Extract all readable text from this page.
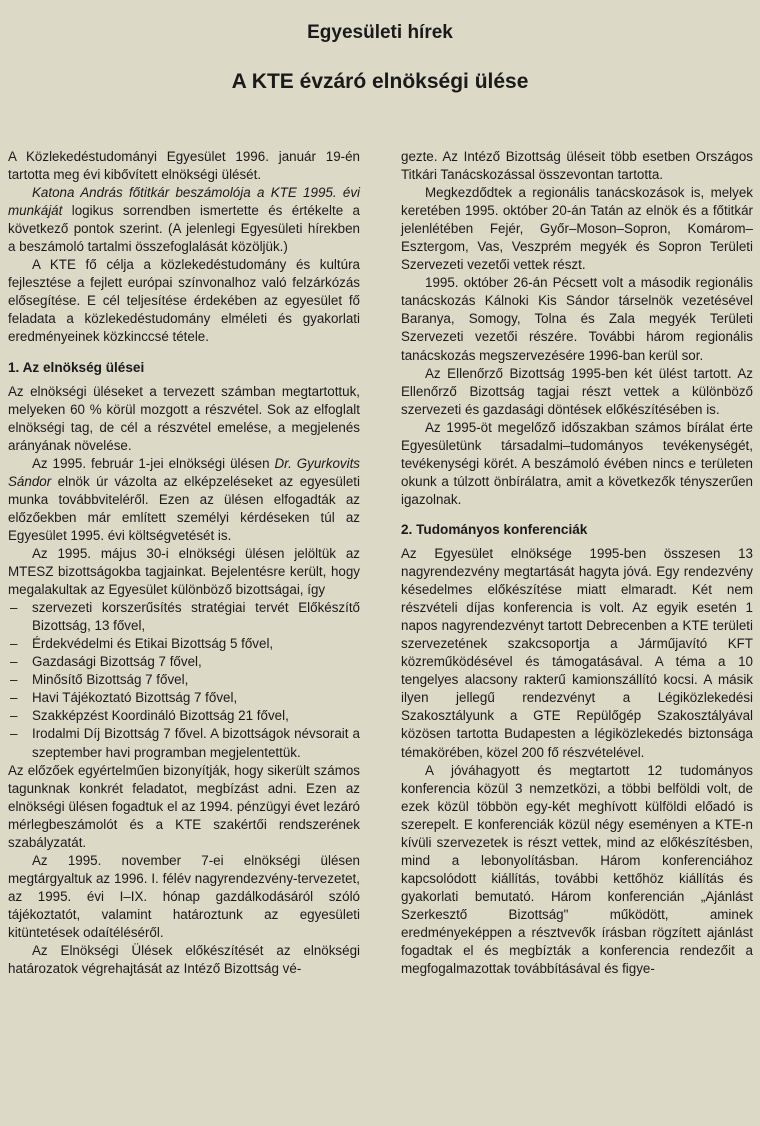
Egyesületi hírek
A KTE évzáró elnökségi ülése

A Közlekedéstudományi Egyesület 1996. január 19-én tartotta meg évi kibővített elnökségi ülését.

Katona András főtitkár beszámolója a KTE 1995. évi munkáját logikus sorrendben ismertette és értékelte a következő pontok szerint. (A jelenlegi Egyesületi hírekben a beszámoló tartalmi összefoglalását közöljük.)

A KTE fő célja a közlekedéstudomány és kultúra fejlesztése a fejlett európai színvonalhoz való felzárkózás elősegítése. E cél teljesítése érdekében az egyesület fő feladata a közlekedéstudomány elméleti és gyakorlati eredményeinek közkinccsé tétele.

1. Az elnökség ülései

Az elnökségi üléseket a tervezett számban megtartottuk, melyeken 60 % körül mozgott a részvétel. Sok az elfoglalt elnökségi tag, de cél a részvétel emelése, a megjelenés arányának növelése.

Az 1995. február 1-jei elnökségi ülésen Dr. Gyurkovits Sándor elnök úr vázolta az elképzeléseket az egyesületi munka továbbviteléről. Ezen az ülésen elfogadták az előzőekben már említett személyi kérdéseken túl az Egyesület 1995. évi költségvetését is.

Az 1995. május 30-i elnökségi ülésen jelöltük az MTESZ bizottságokba tagjainkat. Bejelentésre került, hogy megalakultak az Egyesület különböző bizottságai, így

– szervezeti korszerűsítés stratégiai tervét Előkészítő Bizottság, 13 fővel,
– Érdekvédelmi és Etikai Bizottság 5 fővel,
– Gazdasági Bizottság 7 fővel,
– Minősítő Bizottság 7 fővel,
– Havi Tájékoztató Bizottság 7 fővel,
– Szakképzést Koordináló Bizottság 21 fővel,
– Irodalmi Díj Bizottság 7 fővel. A bizottságok névsorait a szeptember havi programban megjelentettük.

Az előzőek egyértelműen bizonyítják, hogy sikerült számos tagunknak konkrét feladatot, megbízást adni. Ezen az elnökségi ülésen fogadtuk el az 1994. pénzügyi évet lezáró mérlegbeszámolót és a KTE szakértői rendszerének szabályzatát.

Az 1995. november 7-ei elnökségi ülésen megtárgyaltuk az 1996. I. félév nagyrendezvény-tervezetet, az 1995. évi I–IX. hónap gazdálkodásáról szóló tájékoztatót, valamint határoztunk az egyesületi kitüntetések odaítéléséről.

Az Elnökségi Ülések előkészítését az elnökségi határozatok végrehajtását az Intéző Bizottság vé-

gezte. Az Intéző Bizottság üléseit több esetben Országos Titkári Tanácskozással összevontan tartotta.

Megkezdődtek a regionális tanácskozások is, melyek keretében 1995. október 20-án Tatán az elnök és a főtitkár jelenlétében Fejér, Győr–Moson–Sopron, Komárom–Esztergom, Vas, Veszprém megyék és Sopron Területi Szervezeti vezetői vettek részt.

1995. október 26-án Pécsett volt a második regionális tanácskozás Kálnoki Kis Sándor társelnök vezetésével Baranya, Somogy, Tolna és Zala megyék Területi Szervezeti vezetői részére. További három regionális tanácskozás megszervezésére 1996-ban kerül sor.

Az Ellenőrző Bizottság 1995-ben két ülést tartott. Az Ellenőrző Bizottság tagjai részt vettek a különböző szervezeti és gazdasági döntések előkészítésében is.

Az 1995-öt megelőző időszakban számos bírálat érte Egyesületünk társadalmi–tudományos tevékenységét, tevékenységi körét. A beszámoló évében nincs e területen okunk a túlzott önbírálatra, amit a következők tényszerűen igazolnak.

2. Tudományos konferenciák

Az Egyesület elnöksége 1995-ben összesen 13 nagyrendezvény megtartását hagyta jóvá. Egy rendezvény késedelmes előkészítése miatt elmaradt. Két nem részvételi díjas konferencia is volt. Az egyik esetén 1 napos nagyrendezvényt tartott Debrecenben a KTE területi szervezetének szakcsoportja a Járműjavító KFT közreműködésével és támogatásával. A téma a 10 tengelyes alacsony rakterű kamionszállító kocsi. A másik ilyen jellegű rendezvényt a Légiközlekedési Szakosztályunk a GTE Repülőgép Szakosztályával közösen tartotta Budapesten a légiközlekedés biztonsága témakörében, közel 200 fő részvételével.

A jóváhagyott és megtartott 12 tudományos konferencia közül 3 nemzetközi, a többi belföldi volt, de ezek közül többön egy-két meghívott külföldi előadó is szerepelt. E konferenciák közül négy eseményen a KTE-n kívüli szervezetek is részt vettek, mind az előkészítésben, mind a lebonyolításban. Három konferenciához kapcsolódott kiállítás, további kettőhöz kiállítás és gyakorlati bemutató. Három konferencián „Ajánlást Szerkesztő Bizottság" működött, aminek eredményeképpen a résztvevők írásban rögzített ajánlást fogadtak el és megbízták a konferencia rendezőit a megfogalmazottak továbbításával és figye-
